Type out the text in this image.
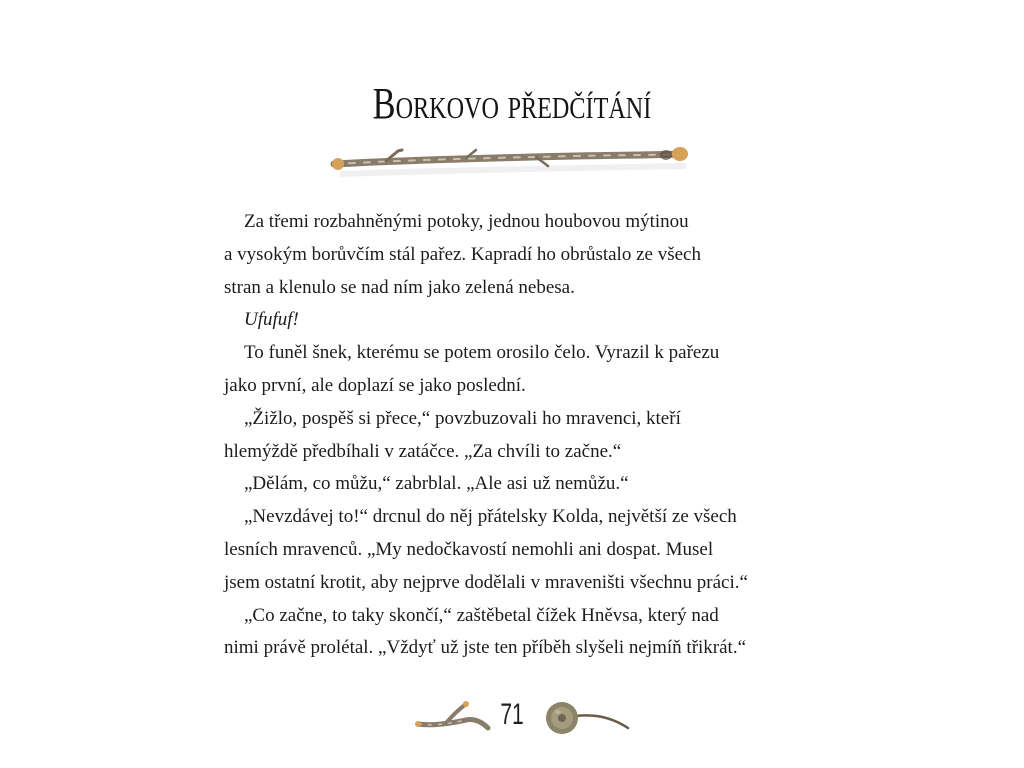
Borkovo předčítání

Za třemi rozbahněnými potoky, jednou houbovou mýtinou

a vysokým borůvčím stál pařez. Kapradí ho obrůstalo ze všech

stran a klenulo se nad ním jako zelená nebesa.

Ufufuf!

To funěl šnek, kterému se potem orosilo čelo. Vyrazil k pařezu

jako první, ale doplazí se jako poslední.

„Žižlo, pospěš si přece,“ povzbuzovali ho mravenci, kteří

hlemýždě předbíhali v zatáčce. „Za chvíli to začne.“

„Dělám, co můžu,“ zabrblal. „Ale asi už nemůžu.“

„Nevzdávej to!“ drcnul do něj přátelsky Kolda, největší ze všech

lesních mravenců. „My nedočkavostí nemohli ani dospat. Musel

jsem ostatní krotit, aby nejprve dodělali v mraveništi všechnu práci.“

„Co začne, to taky skončí,“ zaštěbetal čížek Hněvsa, který nad

nimi právě prolétal. „Vždyť už jste ten příběh slyšeli nejmíň třikrát.“

71
